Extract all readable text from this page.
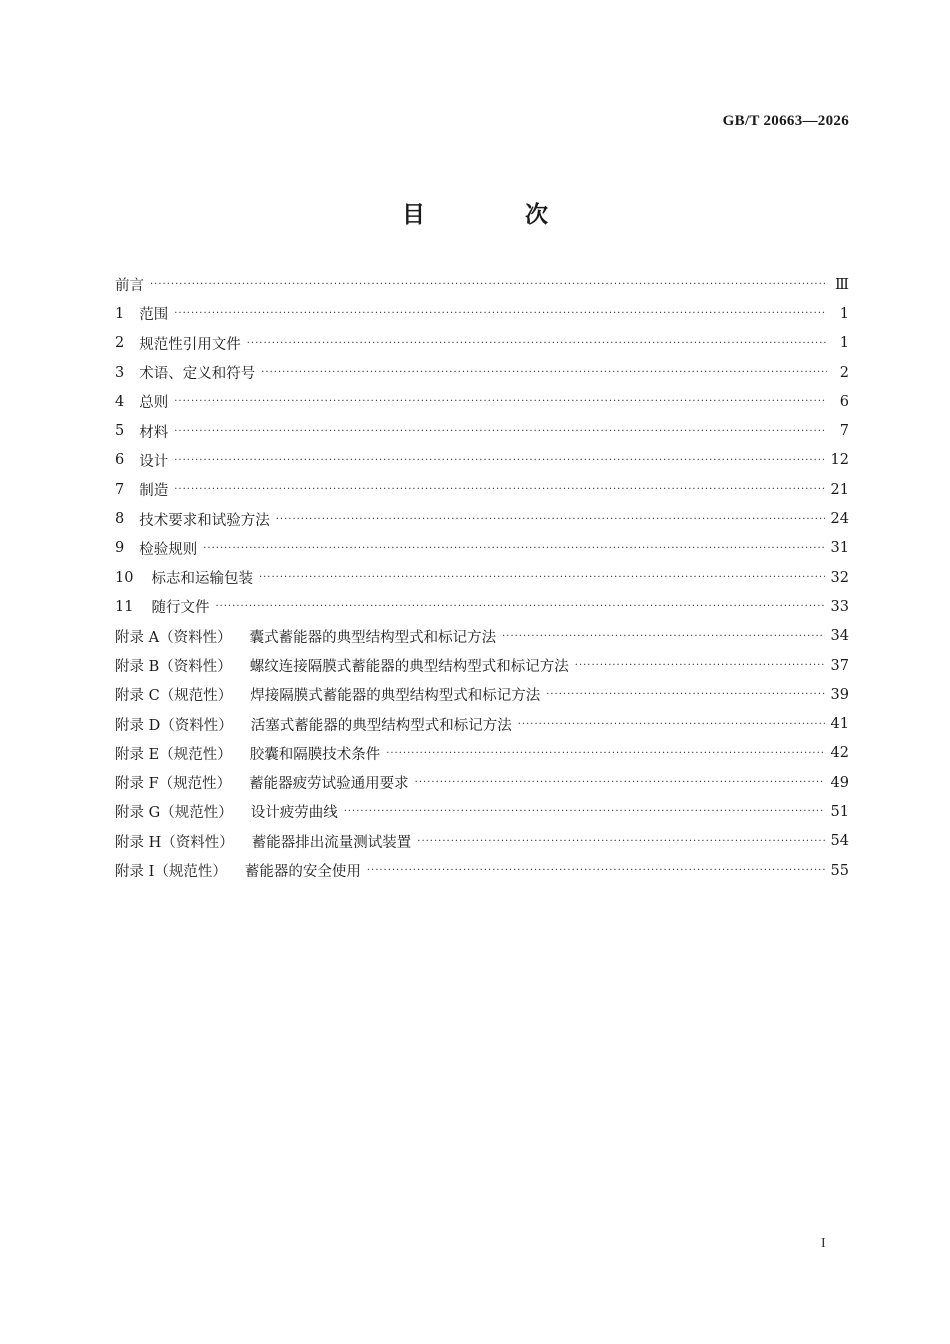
GB/T 20663—2026
目 次
前言 ·····	Ⅲ
1 范围 ·····	1
2 规范性引用文件 ·····	1
3 术语、定义和符号 ·····	2
4 总则 ·····	6
5 材料 ·····	7
6 设计 ·····	12
7 制造 ·····	21
8 技术要求和试验方法 ·····	24
9 检验规则 ·····	31
10 标志和运输包装 ·····	32
11 随行文件 ·····	33
附录 A（资料性） 囊式蓄能器的典型结构型式和标记方法 ·····	34
附录 B（资料性） 螺纹连接隔膜式蓄能器的典型结构型式和标记方法 ·····	37
附录 C（规范性） 焊接隔膜式蓄能器的典型结构型式和标记方法 ·····	39
附录 D（资料性） 活塞式蓄能器的典型结构型式和标记方法 ·····	41
附录 E（规范性） 胶囊和隔膜技术条件 ·····	42
附录 F（规范性） 蓄能器疲劳试验通用要求 ·····	49
附录 G（规范性） 设计疲劳曲线 ·····	51
附录 H（资料性） 蓄能器排出流量测试装置 ·····	54
附录 I（规范性） 蓄能器的安全使用 ·····	55
I
